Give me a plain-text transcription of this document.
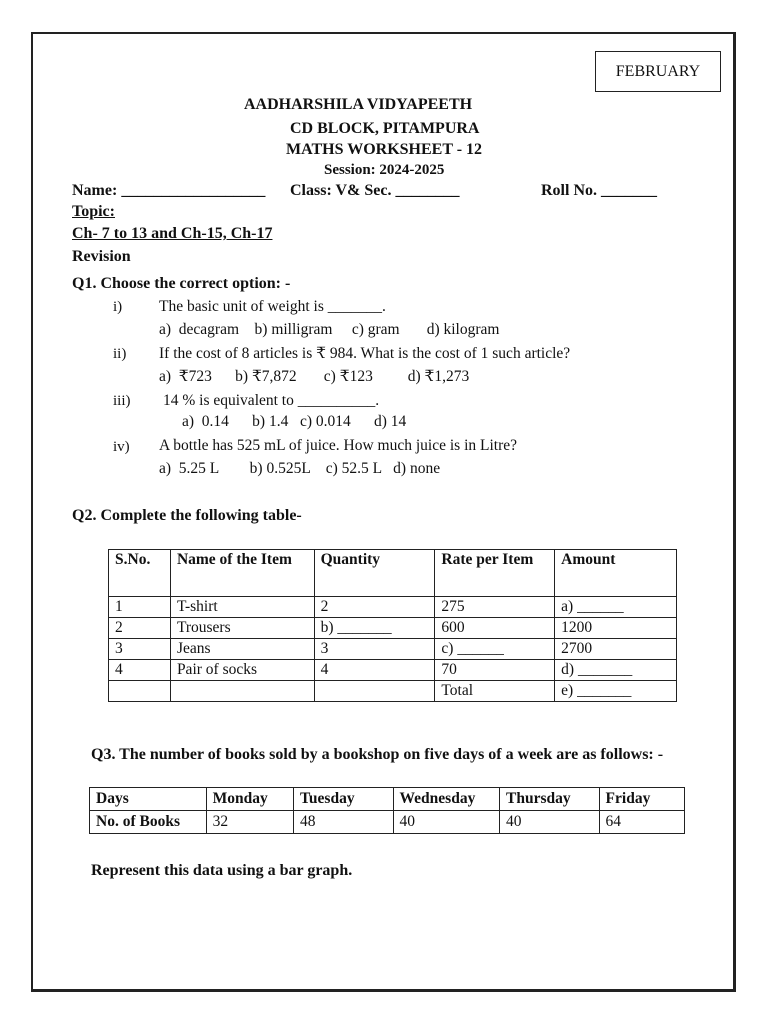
FEBRUARY
AADHARSHILA VIDYAPEETH
CD BLOCK, PITAMPURA
MATHS WORKSHEET - 12
Session: 2024-2025
Name: __________________ Class: V& Sec. ________	Roll No. _______
Topic:
Ch- 7 to 13 and Ch-15, Ch-17
Revision
Q1. Choose the correct option: -
i) The basic unit of weight is _______.
a)  decagram    b) milligram     c) gram       d) kilogram
ii) If the cost of 8 articles is ₹ 984. What is the cost of 1 such article?
a)  ₹723      b) ₹7,872       c) ₹123         d) ₹1,273
iii) 14 % is equivalent to __________.
a)  0.14      b) 1.4   c) 0.014      d) 14
iv) A bottle has 525 mL of juice. How much juice is in Litre?
a)  5.25 L        b) 0.525L    c) 52.5 L   d) none
Q2. Complete the following table-
S.No.	Name of the Item	Quantity	Rate per Item	Amount
1	T-shirt	2	275	a) ______
2	Trousers	b) _______	600	1200
3	Jeans	3	c) ______	2700
4	Pair of socks	4	70	d) _______
			Total	e) _______
Q3. The number of books sold by a bookshop on five days of a week are as follows: -
Days	Monday	Tuesday	Wednesday	Thursday	Friday
No. of Books	32	48	40	40	64
Represent this data using a bar graph.
